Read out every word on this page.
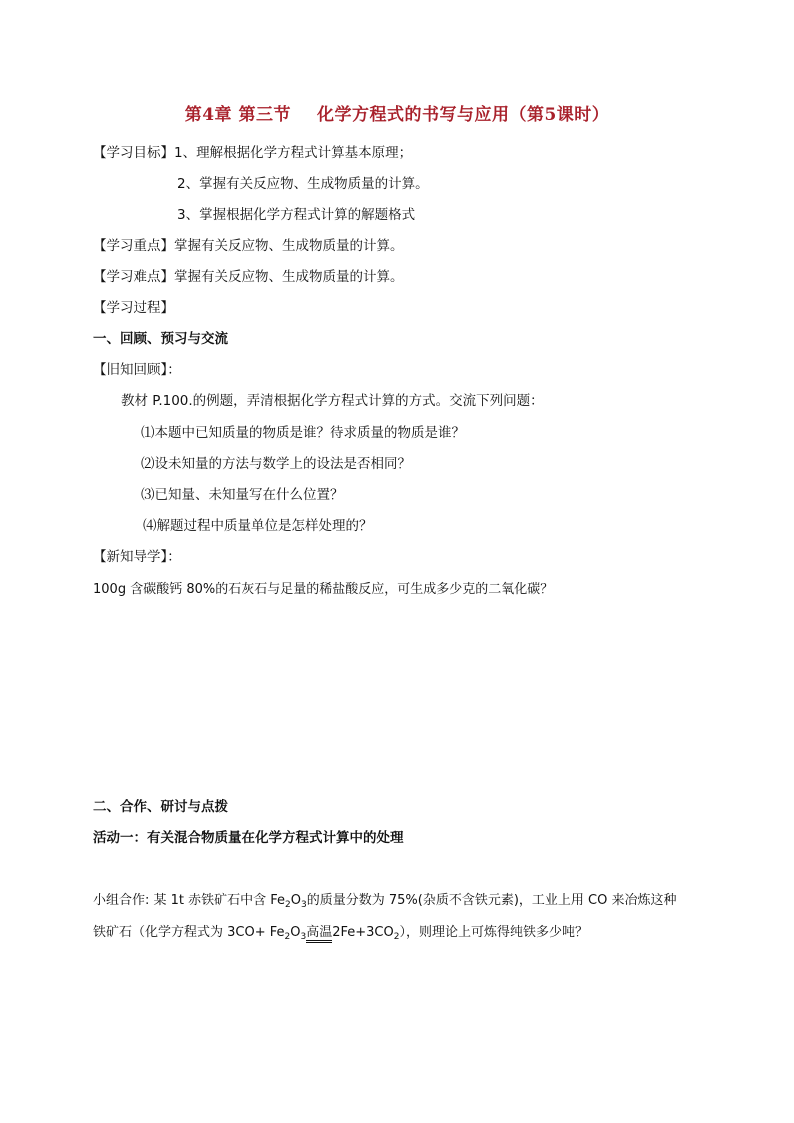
第4章 第三节 化学方程式的书写与应用（第5课时）
【学习目标】1、理解根据化学方程式计算基本原理；
2、掌握有关反应物、生成物质量的计算。
3、掌握根据化学方程式计算的解题格式
【学习重点】掌握有关反应物、生成物质量的计算。
【学习难点】掌握有关反应物、生成物质量的计算。
【学习过程】
一、回顾、预习与交流
【旧知回顾】：
教材 P.100.的例题，弄清根据化学方程式计算的方式。交流下列问题：
⑴本题中已知质量的物质是谁？待求质量的物质是谁？
⑵设未知量的方法与数学上的设法是否相同？
⑶已知量、未知量写在什么位置？
⑷解题过程中质量单位是怎样处理的？
【新知导学】：
100g 含碳酸钙 80%的石灰石与足量的稀盐酸反应，可生成多少克的二氧化碳？
二、合作、研讨与点拨
活动一：有关混合物质量在化学方程式计算中的处理
小组合作: 某 1t 赤铁矿石中含 $Fe_2O_3$的质量分数为 75%(杂质不含铁元素)，工业上用 CO 来冶炼这种
铁矿石（化学方程式为 $3CO+ Fe_2O_3$高温$2Fe+3CO_2$），则理论上可炼得纯铁多少吨？
